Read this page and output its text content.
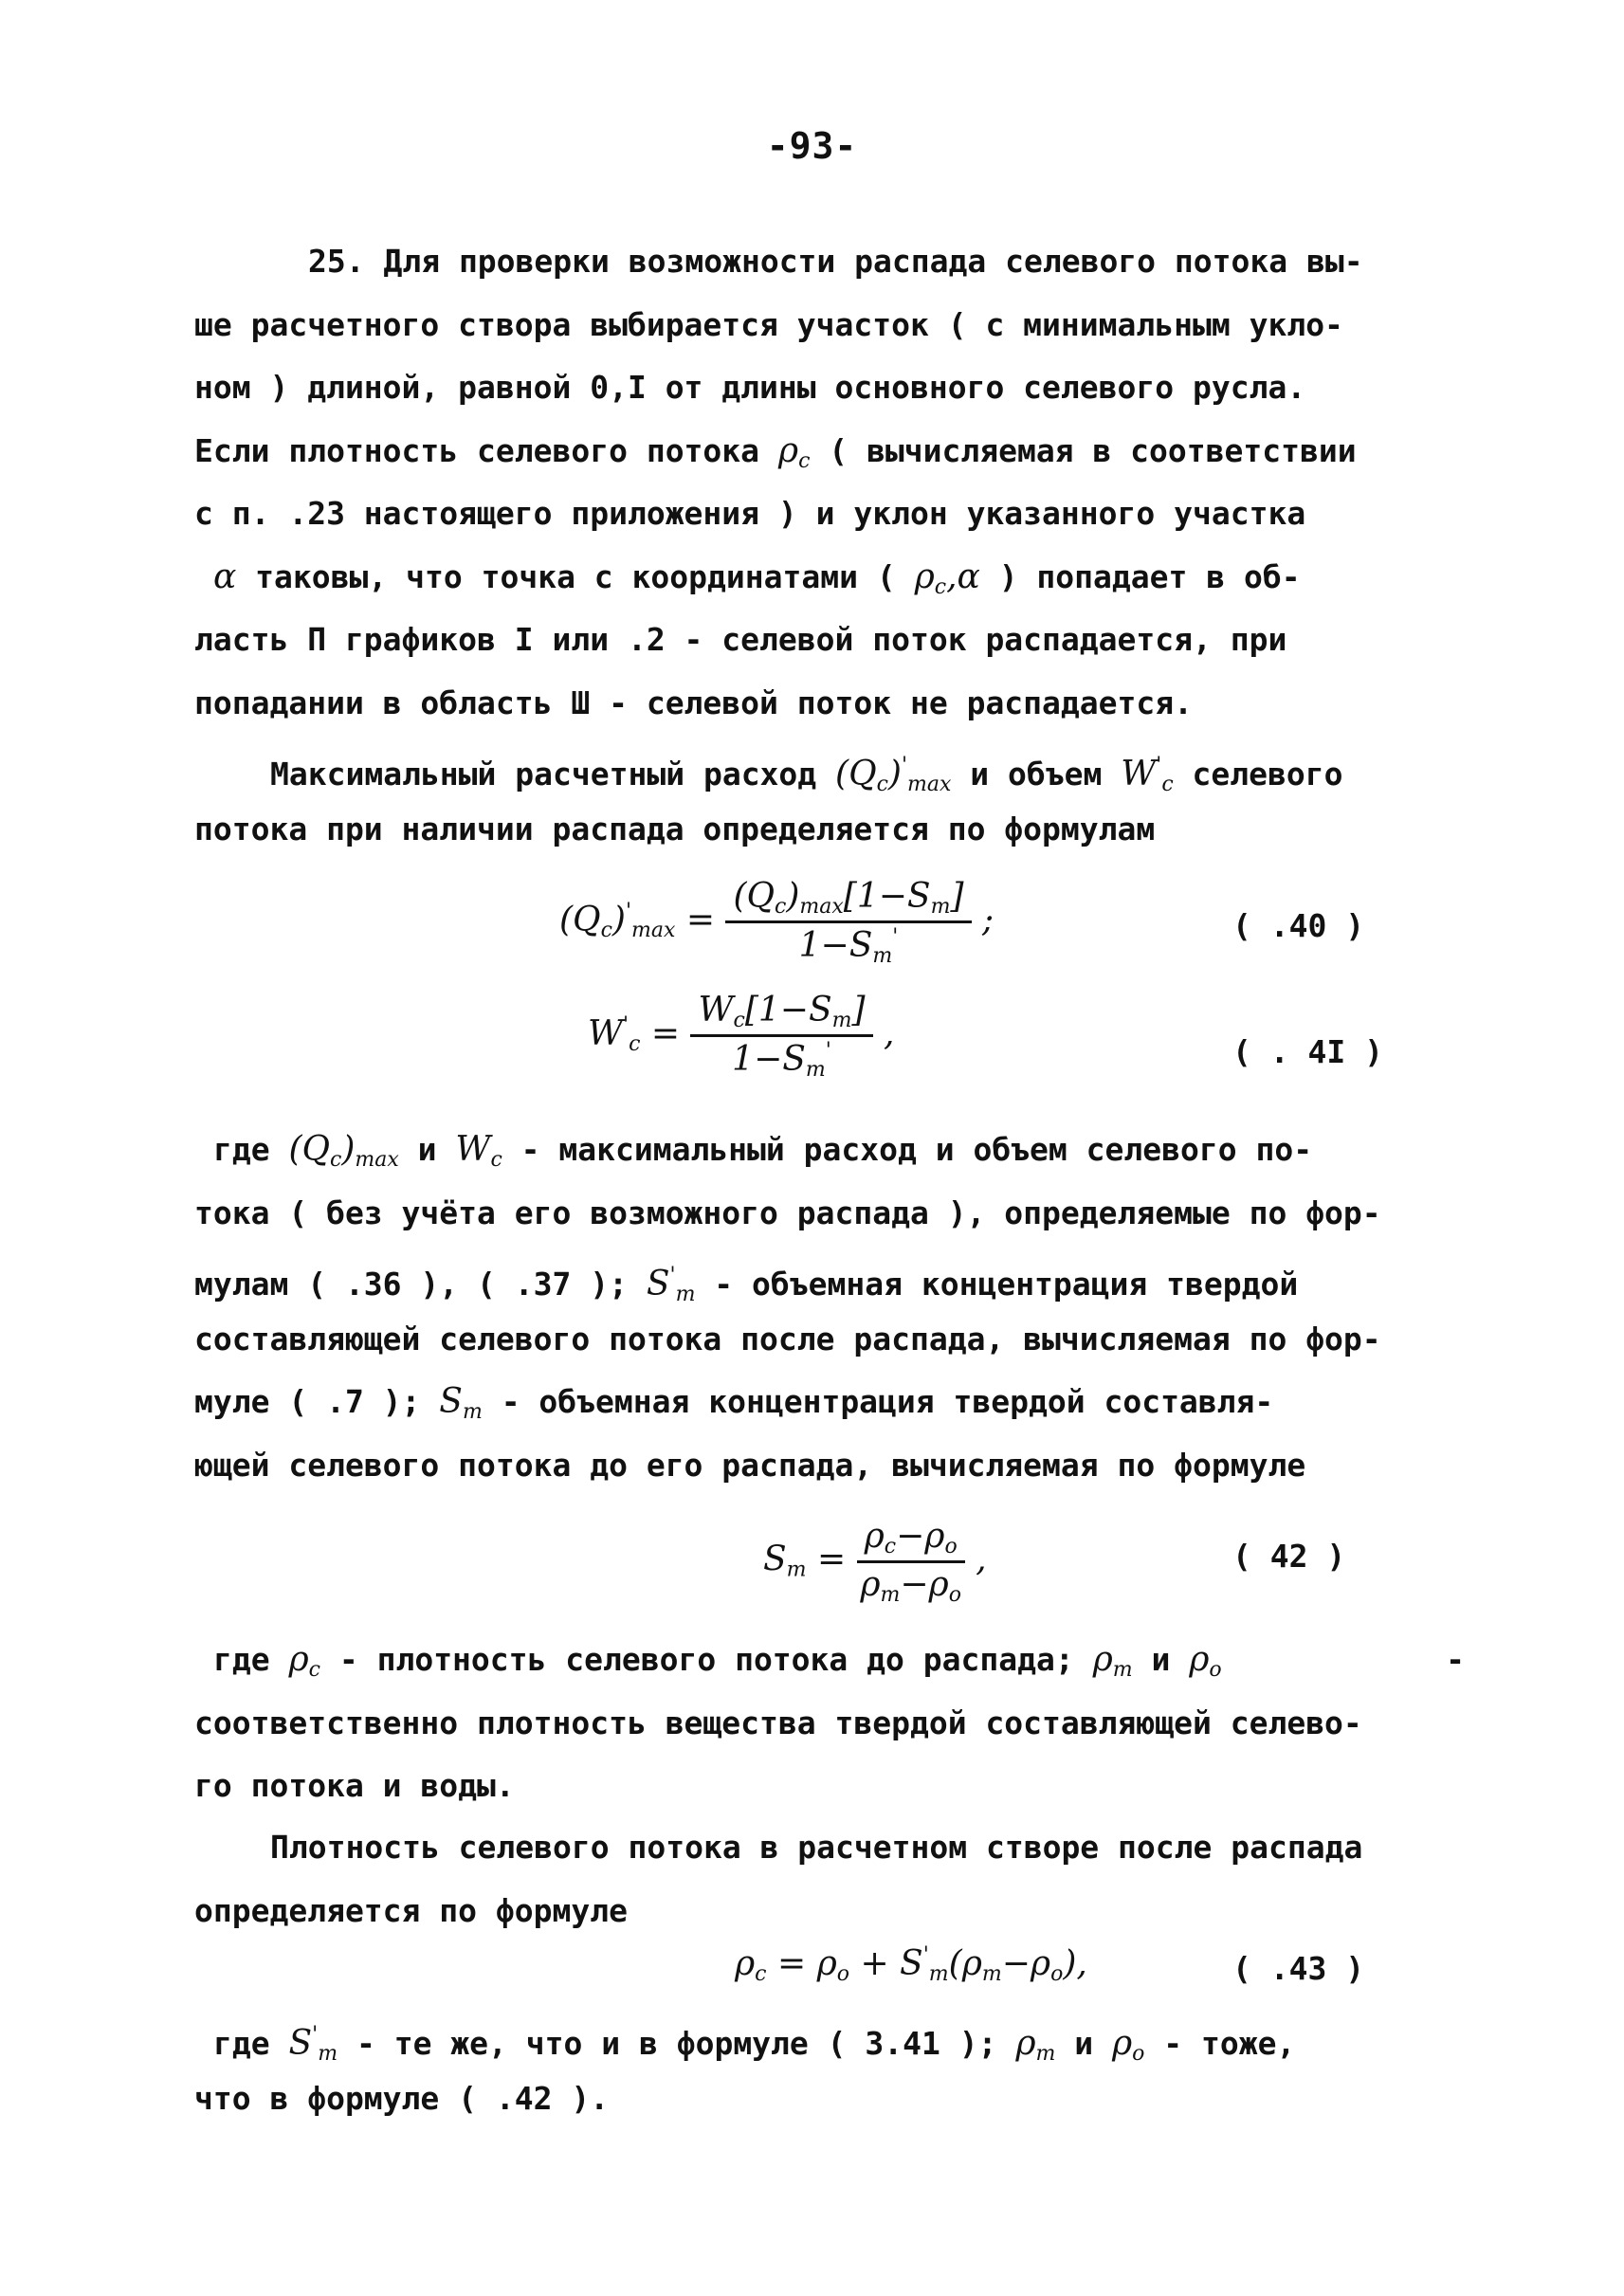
-93-
25. Для проверки возможности распада селевого потока вы-
ше расчетного створа выбирается участок ( с минимальным укло-
ном ) длиной, равной 0,I от длины основного селевого русла.
Если плотность селевого потока $\rho_c$ ( вычисляемая в соответствии
с п. .23 настоящего приложения ) и уклон указанного участка
α таковы, что точка с координатами ( $\rho_c,\alpha$ ) попадает в об-
ласть П графиков I или .2 - селевой поток распадается, при
попадании в область Ш - селевой поток не распадается.
Максимальный расчетный расход $(Q_c)'_{max}$ и объем $W'_c$ селевого
потока при наличии распада определяется по формулам
$(Q_c)'_{max} = \frac{(Q_c)_{max}[1-S_т]}{1-S_т'}$ ;	( .40 )
$W'_c = \frac{W_c[1-S_т]}{1-S_т'}$ ,	( . 4I )
где $(Q_c)_{max}$ и $W_c$ - максимальный расход и объем селевого по-
тока ( без учёта его возможного распада ), определяемые по фор-
мулам ( .36 ), ( .37 ); $S'_т$ - объемная концентрация твердой
составляющей селевого потока после распада, вычисляемая по фор-
муле ( .7 ); $S_т$ - объемная концентрация твердой составля-
ющей селевого потока до его распада, вычисляемая по формуле
$S_т = \frac{\rho_c-\rho_o}{\rho_т-\rho_o}$ ,	( 42 )
где $\rho_c$ - плотность селевого потока до распада; $\rho_т$ и $\rho_o$	-
соответственно плотность вещества твердой составляющей селево-
го потока и воды.
Плотность селевого потока в расчетном створе после распада
определяется по формуле
$\rho_c = \rho_o + S'_т(\rho_т-\rho_o)$,	( .43 )
где $S'_т$ - те же, что и в формуле ( 3.41 ); $\rho_т$ и $\rho_o$ - тоже,
что в формуле ( .42 ).
